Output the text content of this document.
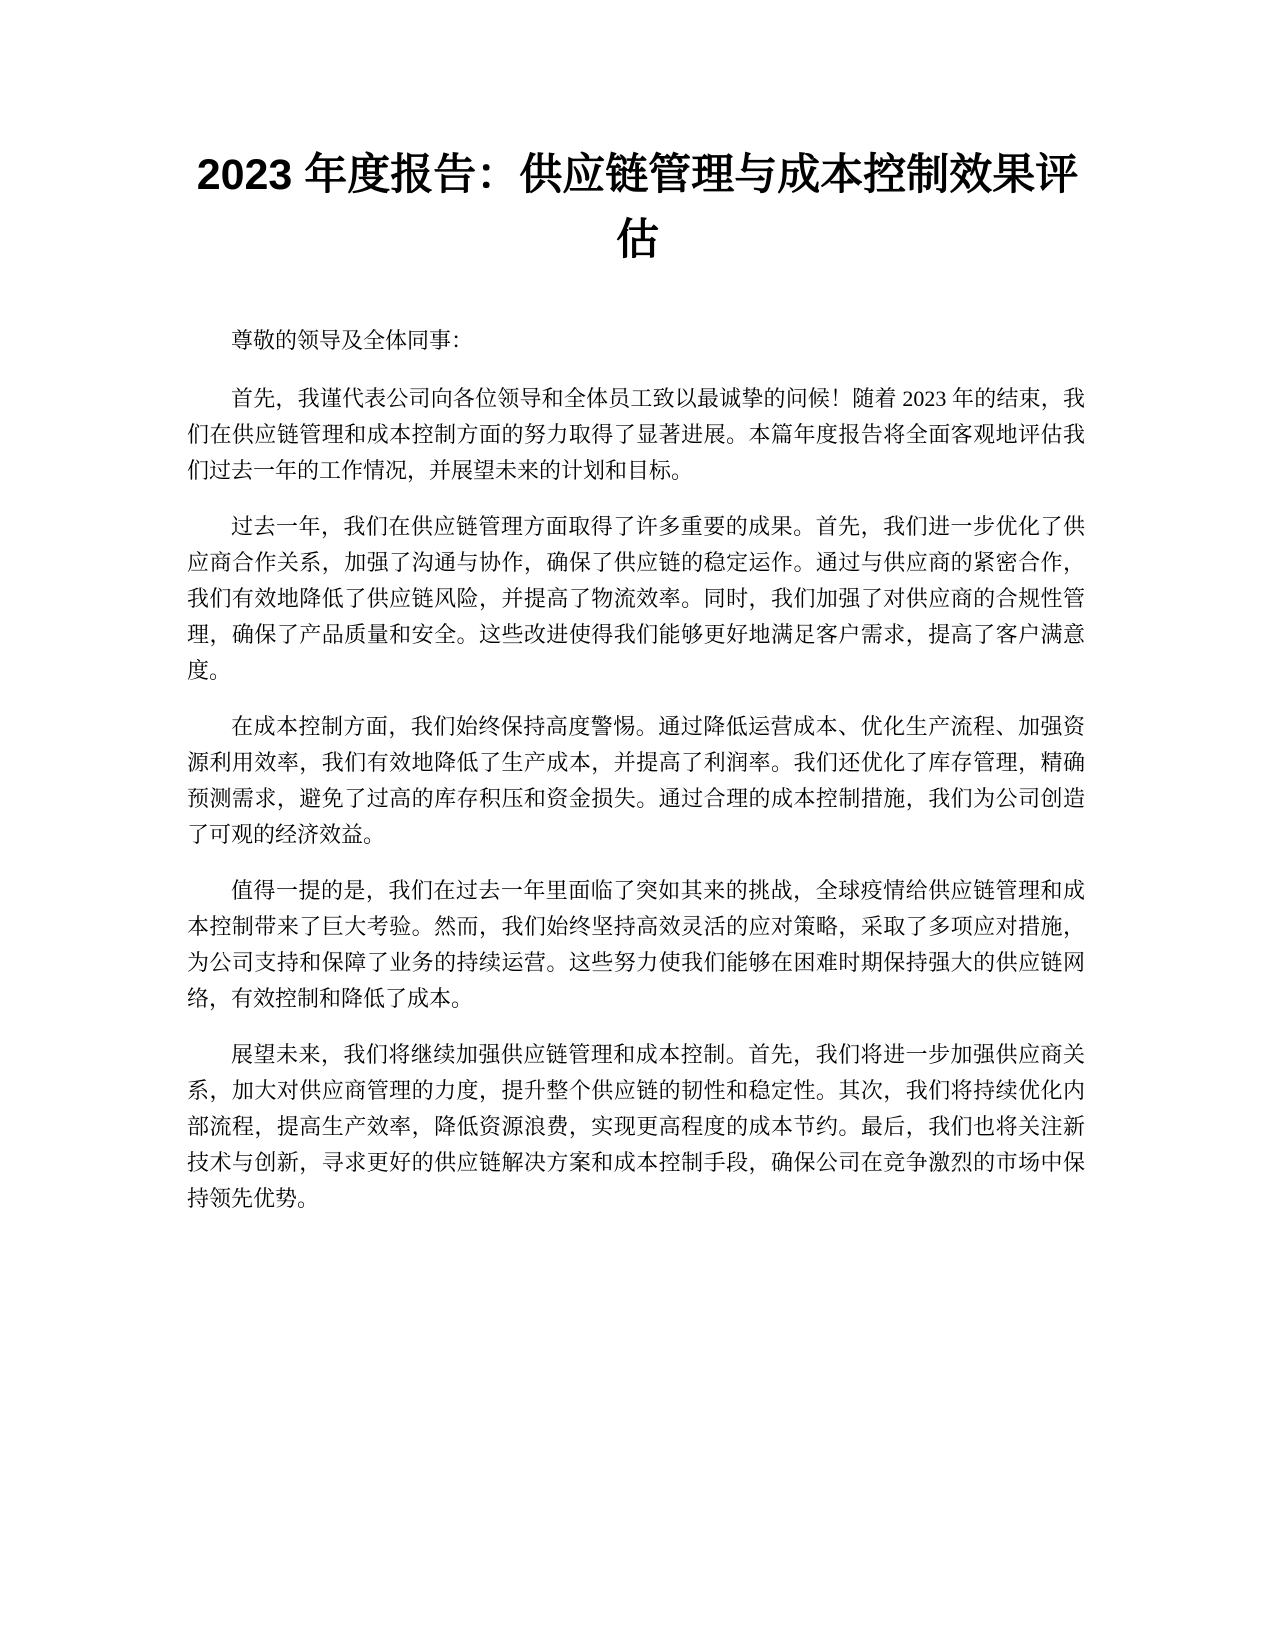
2023 年度报告：供应链管理与成本控制效果评估

尊敬的领导及全体同事：

首先，我谨代表公司向各位领导和全体员工致以最诚挚的问候！随着 2023 年的结束，我们在供应链管理和成本控制方面的努力取得了显著进展。本篇年度报告将全面客观地评估我们过去一年的工作情况，并展望未来的计划和目标。

过去一年，我们在供应链管理方面取得了许多重要的成果。首先，我们进一步优化了供应商合作关系，加强了沟通与协作，确保了供应链的稳定运作。通过与供应商的紧密合作，我们有效地降低了供应链风险，并提高了物流效率。同时，我们加强了对供应商的合规性管理，确保了产品质量和安全。这些改进使得我们能够更好地满足客户需求，提高了客户满意度。

在成本控制方面，我们始终保持高度警惕。通过降低运营成本、优化生产流程、加强资源利用效率，我们有效地降低了生产成本，并提高了利润率。我们还优化了库存管理，精确预测需求，避免了过高的库存积压和资金损失。通过合理的成本控制措施，我们为公司创造了可观的经济效益。

值得一提的是，我们在过去一年里面临了突如其来的挑战，全球疫情给供应链管理和成本控制带来了巨大考验。然而，我们始终坚持高效灵活的应对策略，采取了多项应对措施，为公司支持和保障了业务的持续运营。这些努力使我们能够在困难时期保持强大的供应链网络，有效控制和降低了成本。

展望未来，我们将继续加强供应链管理和成本控制。首先，我们将进一步加强供应商关系，加大对供应商管理的力度，提升整个供应链的韧性和稳定性。其次，我们将持续优化内部流程，提高生产效率，降低资源浪费，实现更高程度的成本节约。最后，我们也将关注新技术与创新，寻求更好的供应链解决方案和成本控制手段，确保公司在竞争激烈的市场中保持领先优势。
